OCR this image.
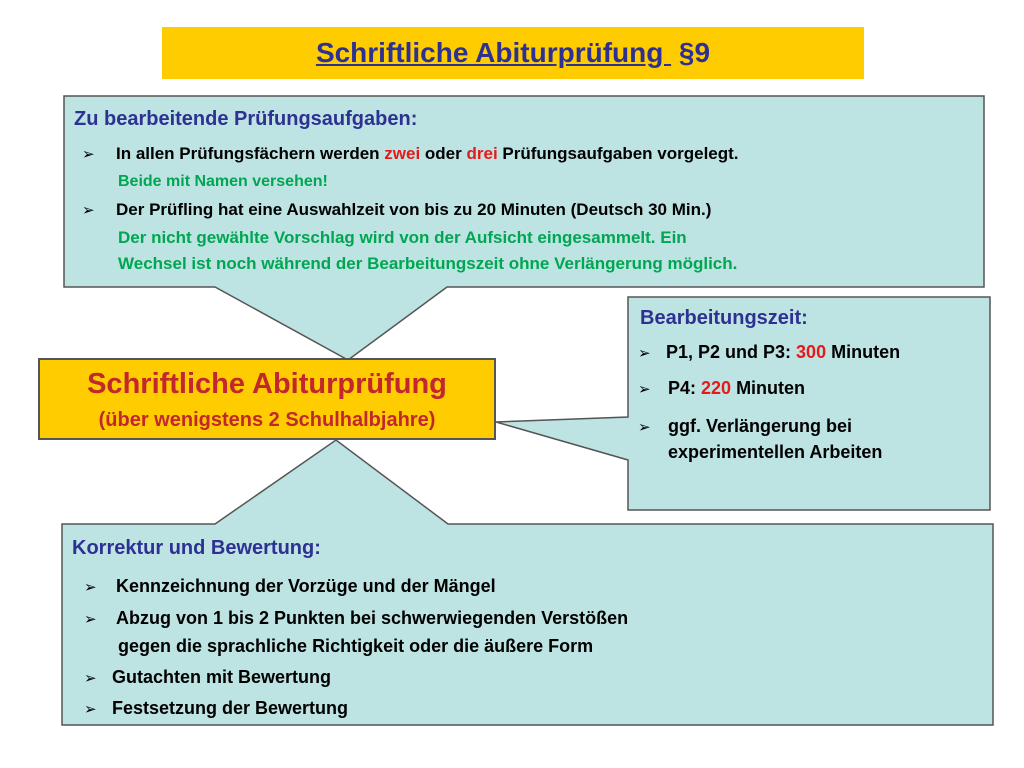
Schriftliche Abiturprüfung  §9
Zu bearbeitende Prüfungsaufgaben:
➢ In allen Prüfungsfächern werden zwei oder drei Prüfungsaufgaben vorgelegt.
Beide mit Namen versehen!
➢ Der Prüfling hat eine Auswahlzeit von bis zu 20 Minuten (Deutsch 30 Min.)
Der nicht gewählte Vorschlag wird von der Aufsicht eingesammelt. Ein
Wechsel ist noch während der Bearbeitungszeit ohne Verlängerung möglich.
Schriftliche Abiturprüfung
(über wenigstens 2 Schulhalbjahre)
Bearbeitungszeit:
➢ P1, P2 und P3: 300 Minuten
➢ P4: 220 Minuten
➢ ggf. Verlängerung bei
experimentellen Arbeiten
Korrektur und Bewertung:
➢ Kennzeichnung der Vorzüge und der Mängel
➢ Abzug von 1 bis 2 Punkten bei schwerwiegenden Verstößen
gegen die sprachliche Richtigkeit oder die äußere Form
➢ Gutachten mit Bewertung
➢ Festsetzung der Bewertung
